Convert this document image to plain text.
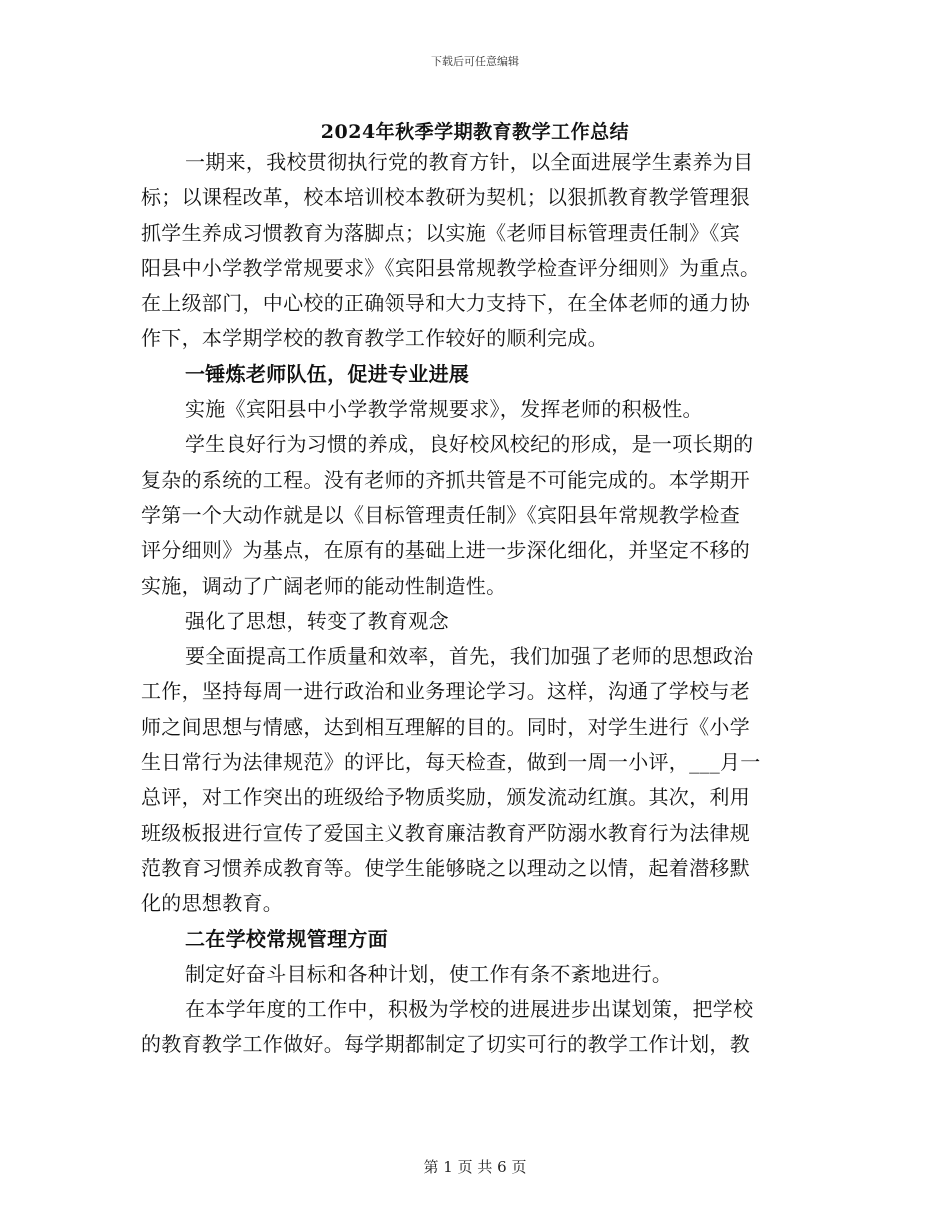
下载后可任意编辑
2024年秋季学期教育教学工作总结
一期来，我校贯彻执行党的教育方针，以全面进展学生素养为目
标；以课程改革，校本培训校本教研为契机；以狠抓教育教学管理狠
抓学生养成习惯教育为落脚点；以实施《老师目标管理责任制》《宾
阳县中小学教学常规要求》《宾阳县常规教学检查评分细则》为重点。
在上级部门，中心校的正确领导和大力支持下，在全体老师的通力协
作下，本学期学校的教育教学工作较好的顺利完成。
一锤炼老师队伍，促进专业进展
实施《宾阳县中小学教学常规要求》，发挥老师的积极性。
学生良好行为习惯的养成，良好校风校纪的形成，是一项长期的
复杂的系统的工程。没有老师的齐抓共管是不可能完成的。本学期开
学第一个大动作就是以《目标管理责任制》《宾阳县年常规教学检查
评分细则》为基点，在原有的基础上进一步深化细化，并坚定不移的
实施，调动了广阔老师的能动性制造性。
强化了思想，转变了教育观念
要全面提高工作质量和效率，首先，我们加强了老师的思想政治
工作，坚持每周一进行政治和业务理论学习。这样，沟通了学校与老
师之间思想与情感，达到相互理解的目的。同时，对学生进行《小学
生日常行为法律规范》的评比，每天检查，做到一周一小评，___月一
总评，对工作突出的班级给予物质奖励，颁发流动红旗。其次，利用
班级板报进行宣传了爱国主义教育廉洁教育严防溺水教育行为法律规
范教育习惯养成教育等。使学生能够晓之以理动之以情，起着潜移默
化的思想教育。
二在学校常规管理方面
制定好奋斗目标和各种计划，使工作有条不紊地进行。
在本学年度的工作中，积极为学校的进展进步出谋划策，把学校
的教育教学工作做好。每学期都制定了切实可行的教学工作计划，教
第 1 页 共 6 页
